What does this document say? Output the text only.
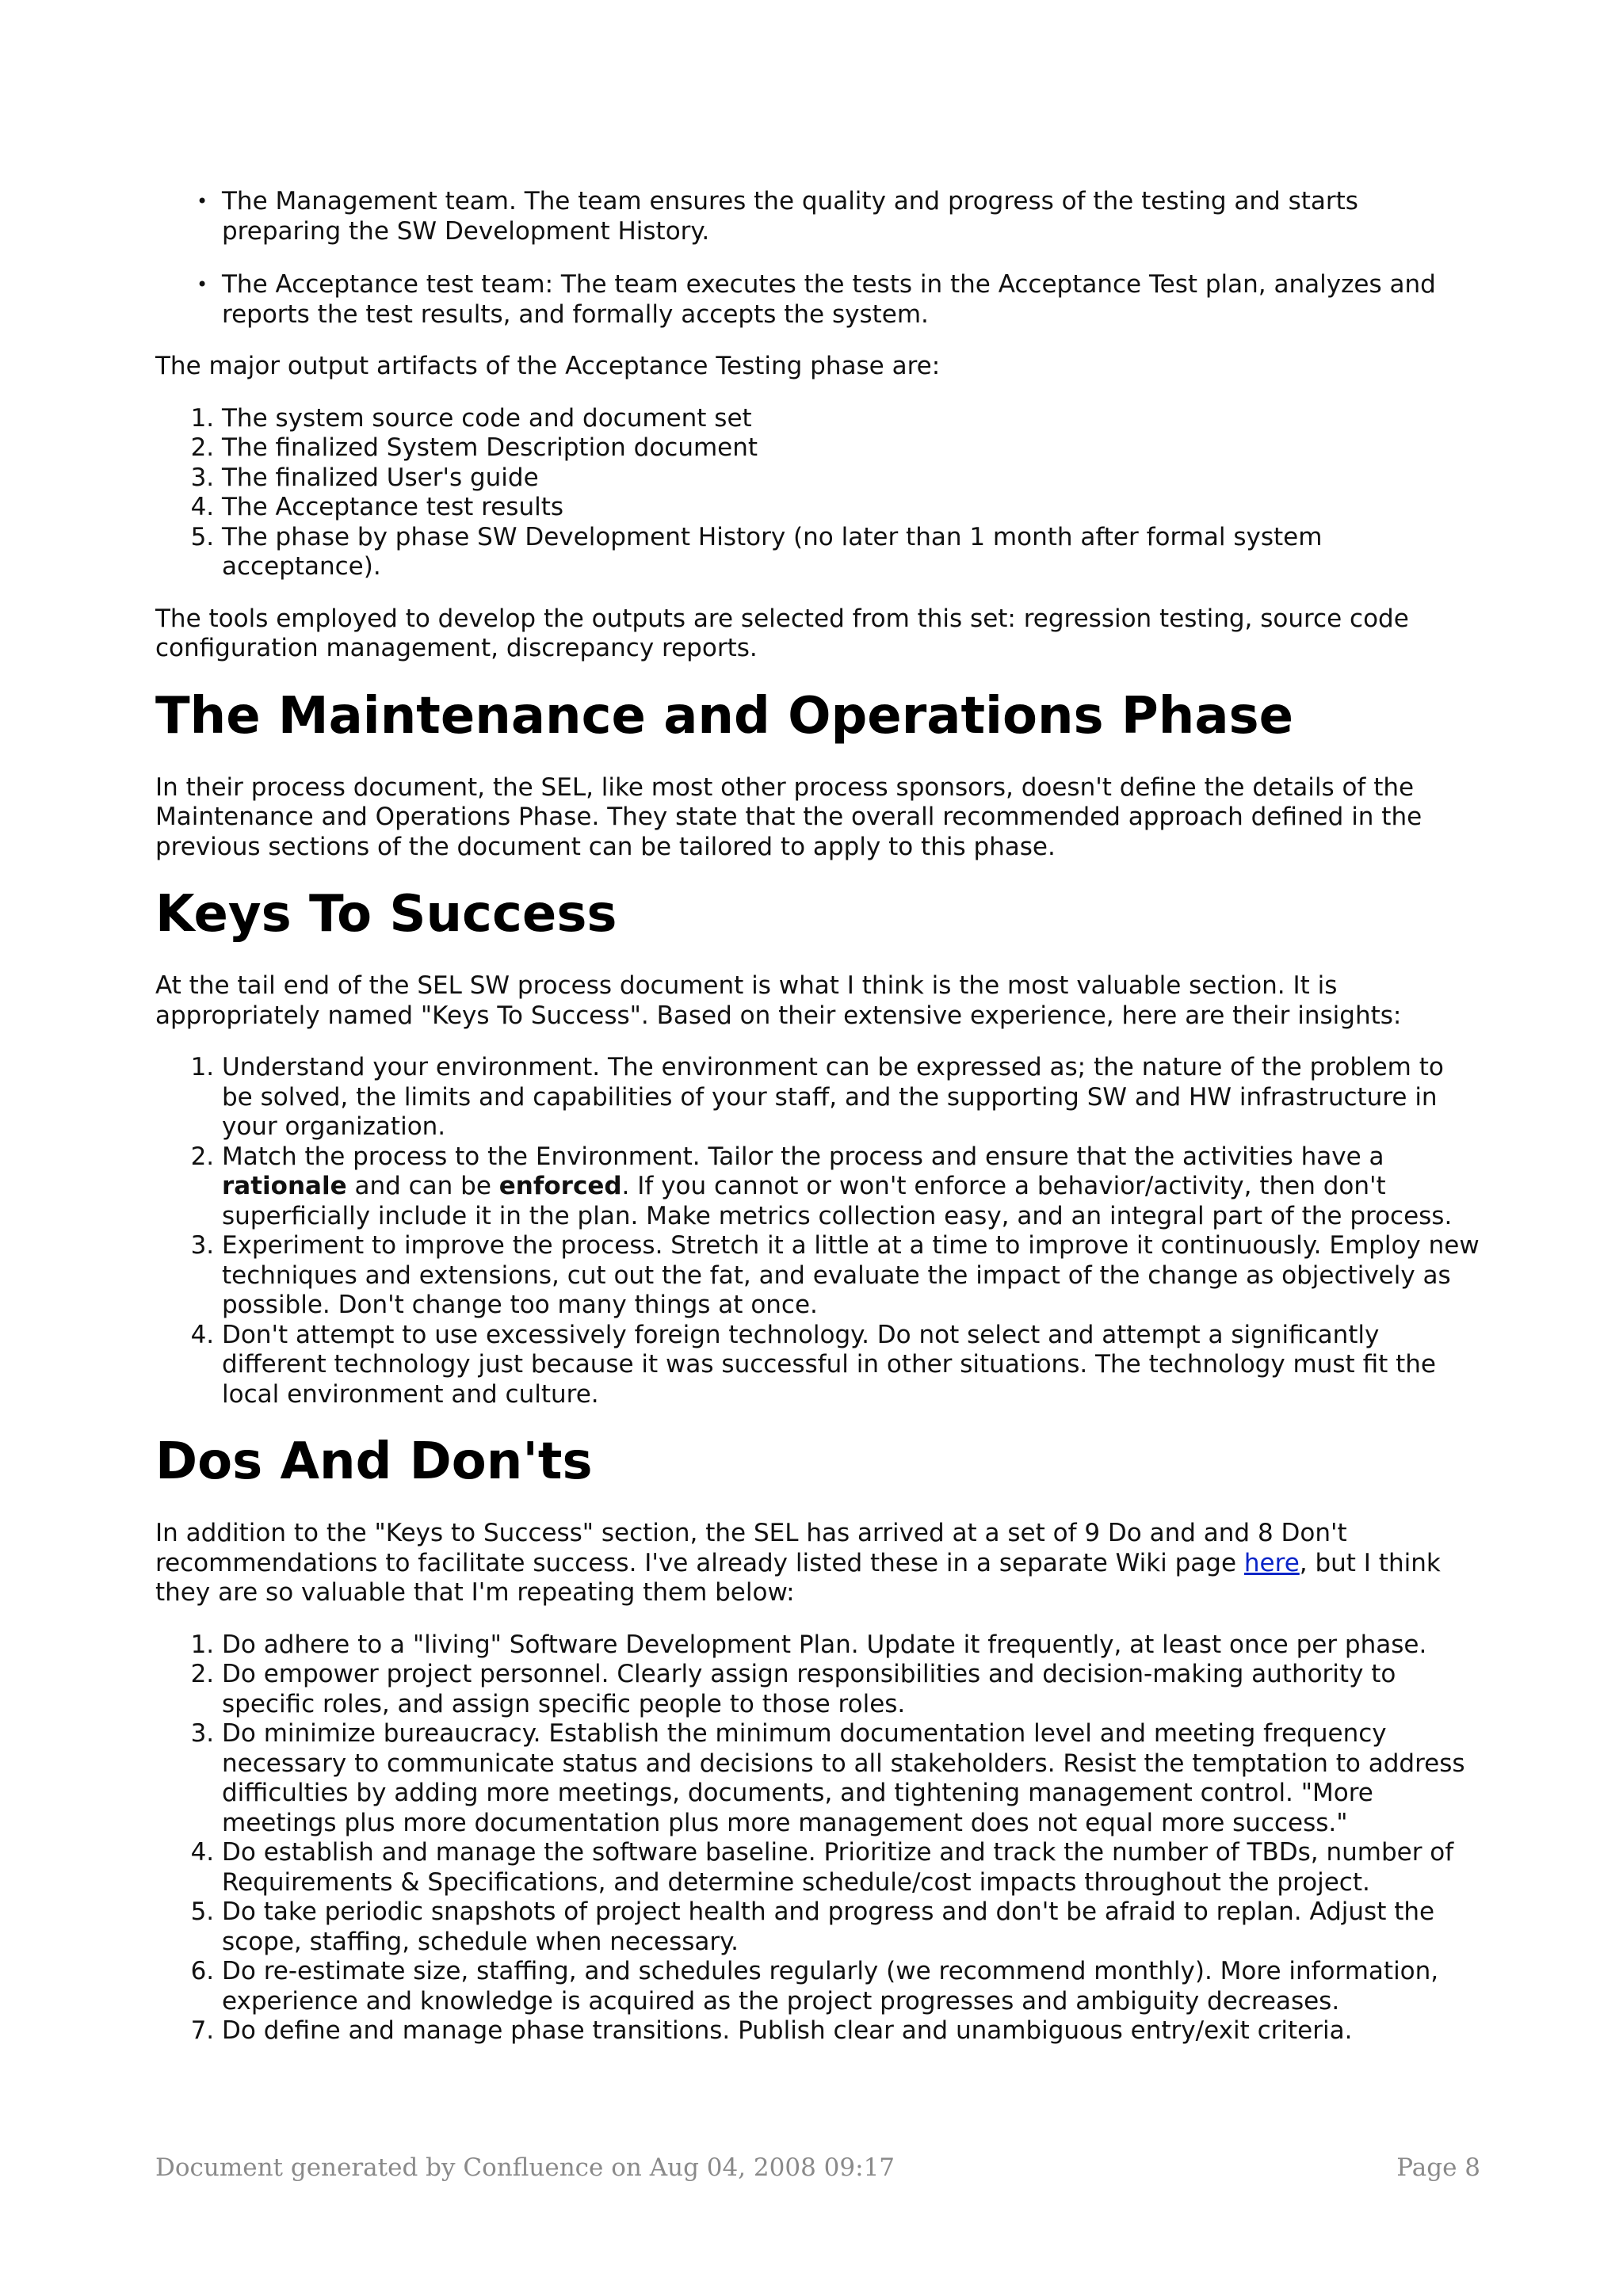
• The Management team. The team ensures the quality and progress of the testing and starts preparing the SW Development History.
• The Acceptance test team: The team executes the tests in the Acceptance Test plan, analyzes and reports the test results, and formally accepts the system.

The major output artifacts of the Acceptance Testing phase are:

1. The system source code and document set
2. The finalized System Description document
3. The finalized User's guide
4. The Acceptance test results
5. The phase by phase SW Development History (no later than 1 month after formal system acceptance).

The tools employed to develop the outputs are selected from this set: regression testing, source code configuration management, discrepancy reports.

The Maintenance and Operations Phase

In their process document, the SEL, like most other process sponsors, doesn't define the details of the Maintenance and Operations Phase. They state that the overall recommended approach defined in the previous sections of the document can be tailored to apply to this phase.

Keys To Success

At the tail end of the SEL SW process document is what I think is the most valuable section. It is appropriately named "Keys To Success". Based on their extensive experience, here are their insights:

1. Understand your environment. The environment can be expressed as; the nature of the problem to be solved, the limits and capabilities of your staff, and the supporting SW and HW infrastructure in your organization.
2. Match the process to the Environment. Tailor the process and ensure that the activities have a rationale and can be enforced. If you cannot or won't enforce a behavior/activity, then don't superficially include it in the plan. Make metrics collection easy, and an integral part of the process.
3. Experiment to improve the process. Stretch it a little at a time to improve it continuously. Employ new techniques and extensions, cut out the fat, and evaluate the impact of the change as objectively as possible. Don't change too many things at once.
4. Don't attempt to use excessively foreign technology. Do not select and attempt a significantly different technology just because it was successful in other situations. The technology must fit the local environment and culture.
Dos And Don'ts

In addition to the "Keys to Success" section, the SEL has arrived at a set of 9 Do and and 8 Don't recommendations to facilitate success. I've already listed these in a separate Wiki page here, but I think they are so valuable that I'm repeating them below:

1. Do adhere to a "living" Software Development Plan. Update it frequently, at least once per phase.
2. Do empower project personnel. Clearly assign responsibilities and decision-making authority to specific roles, and assign specific people to those roles.
3. Do minimize bureaucracy. Establish the minimum documentation level and meeting frequency necessary to communicate status and decisions to all stakeholders. Resist the temptation to address difficulties by adding more meetings, documents, and tightening management control. "More meetings plus more documentation plus more management does not equal more success."
4. Do establish and manage the software baseline. Prioritize and track the number of TBDs, number of Requirements & Specifications, and determine schedule/cost impacts throughout the project.
5. Do take periodic snapshots of project health and progress and don't be afraid to replan. Adjust the scope, staffing, schedule when necessary.
6. Do re-estimate size, staffing, and schedules regularly (we recommend monthly). More information, experience and knowledge is acquired as the project progresses and ambiguity decreases.
7. Do define and manage phase transitions. Publish clear and unambiguous entry/exit criteria.
Document generated by Confluence on Aug 04, 2008 09:17	Page 8
